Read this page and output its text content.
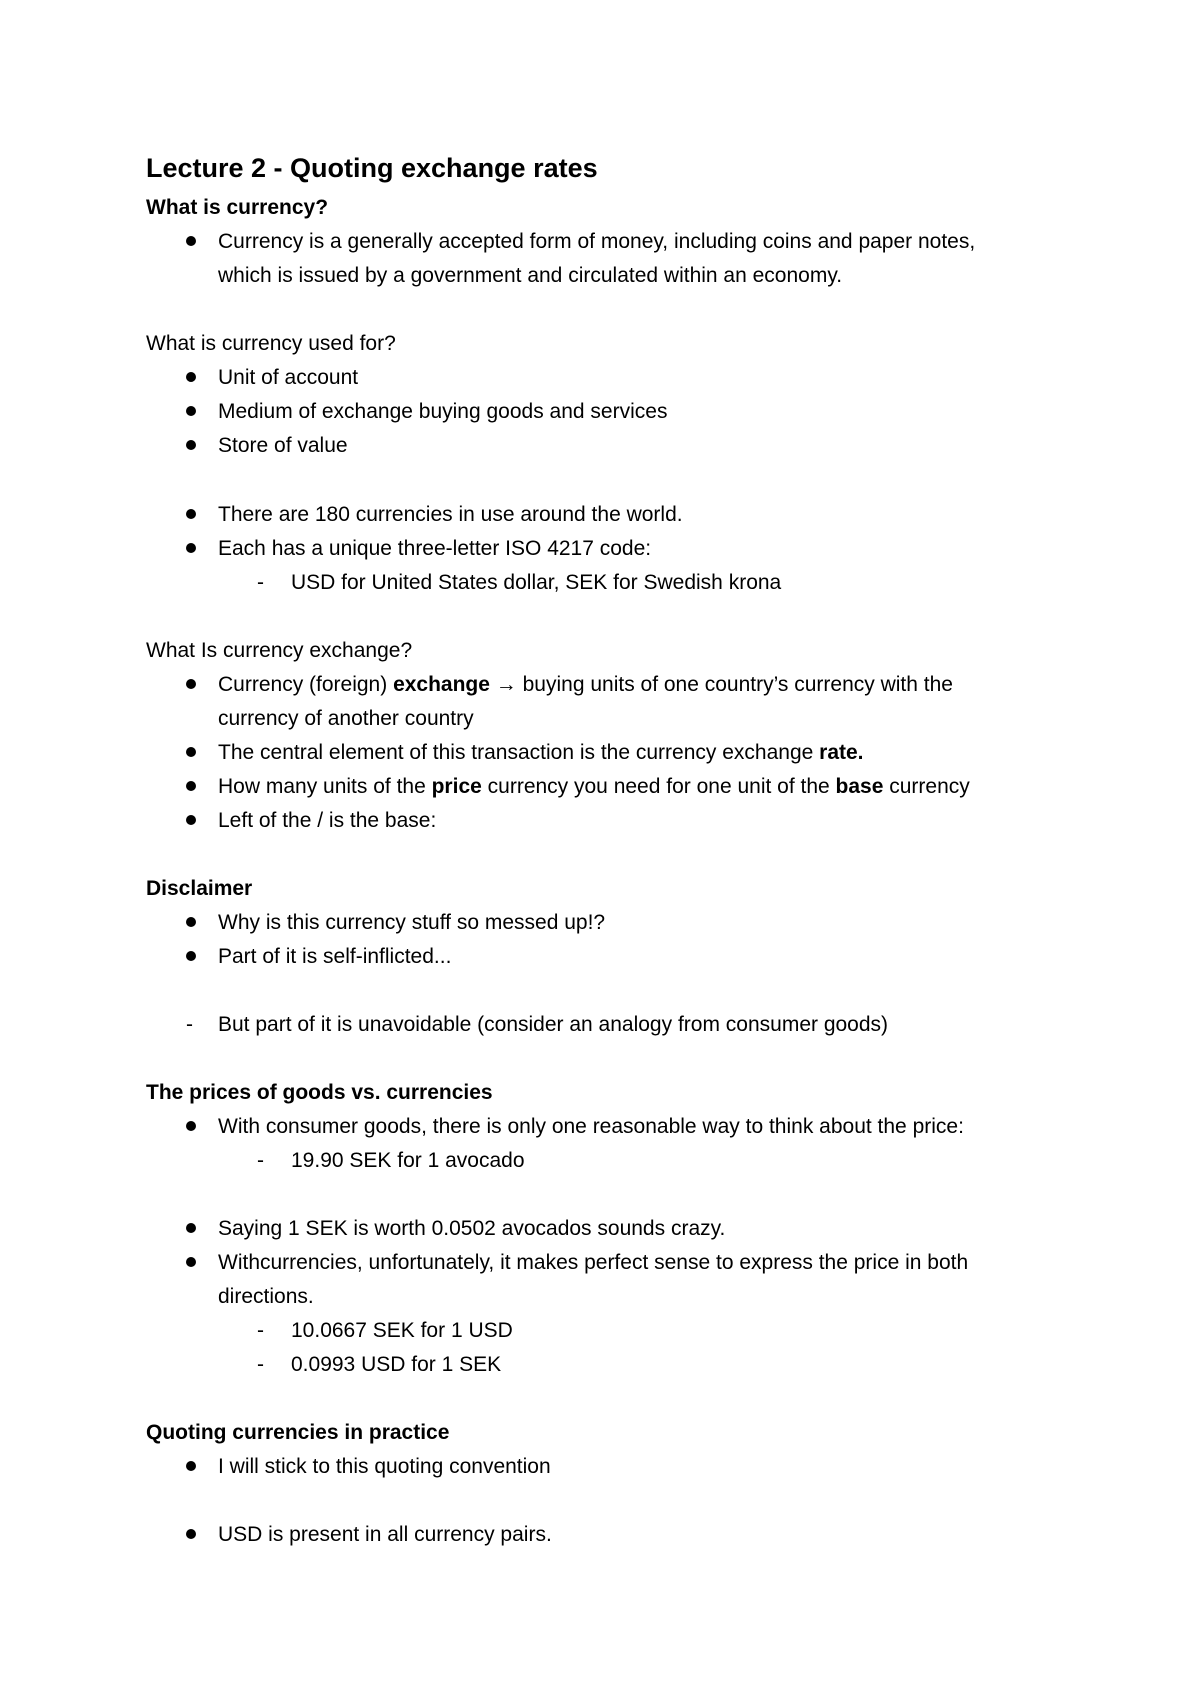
Lecture 2 - Quoting exchange rates
What is currency?
Currency is a generally accepted form of money, including coins and paper notes,
which is issued by a government and circulated within an economy.
What is currency used for?
Unit of account
Medium of exchange buying goods and services
Store of value
There are 180 currencies in use around the world.
Each has a unique three-letter ISO 4217 code:
- USD for United States dollar, SEK for Swedish krona
What Is currency exchange?
Currency (foreign) exchange → buying units of one country’s currency with the
currency of another country
The central element of this transaction is the currency exchange rate.
How many units of the price currency you need for one unit of the base currency
Left of the / is the base:
Disclaimer
Why is this currency stuff so messed up!?
Part of it is self-inflicted...
- But part of it is unavoidable (consider an analogy from consumer goods)
The prices of goods vs. currencies
With consumer goods, there is only one reasonable way to think about the price:
- 19.90 SEK for 1 avocado
Saying 1 SEK is worth 0.0502 avocados sounds crazy.
Withcurrencies, unfortunately, it makes perfect sense to express the price in both
directions.
- 10.0667 SEK for 1 USD
- 0.0993 USD for 1 SEK
Quoting currencies in practice
I will stick to this quoting convention
USD is present in all currency pairs.
